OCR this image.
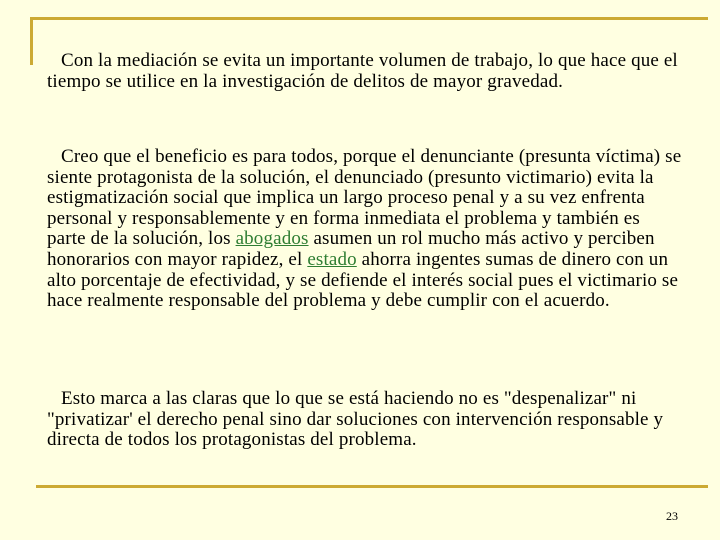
Con la mediación se evita un importante volumen de trabajo, lo que hace que el tiempo se utilice en la investigación de delitos de mayor gravedad.

Creo que el beneficio es para todos, porque el denunciante (presunta víctima) se siente protagonista de la solución, el denunciado (presunto victimario) evita la estigmatización social que implica un largo proceso penal y a su vez enfrenta personal y responsablemente y en forma inmediata el problema y también es parte de la solución, los abogados asumen un rol mucho más activo y perciben honorarios con mayor rapidez, el estado ahorra ingentes sumas de dinero con un alto porcentaje de efectividad, y se defiende el interés social pues el victimario se hace realmente responsable del problema y debe cumplir con el acuerdo.

Esto marca a las claras que lo que se está haciendo no es "despenalizar" ni "privatizar' el derecho penal sino dar soluciones con intervención responsable y directa de todos los protagonistas del problema.

23
